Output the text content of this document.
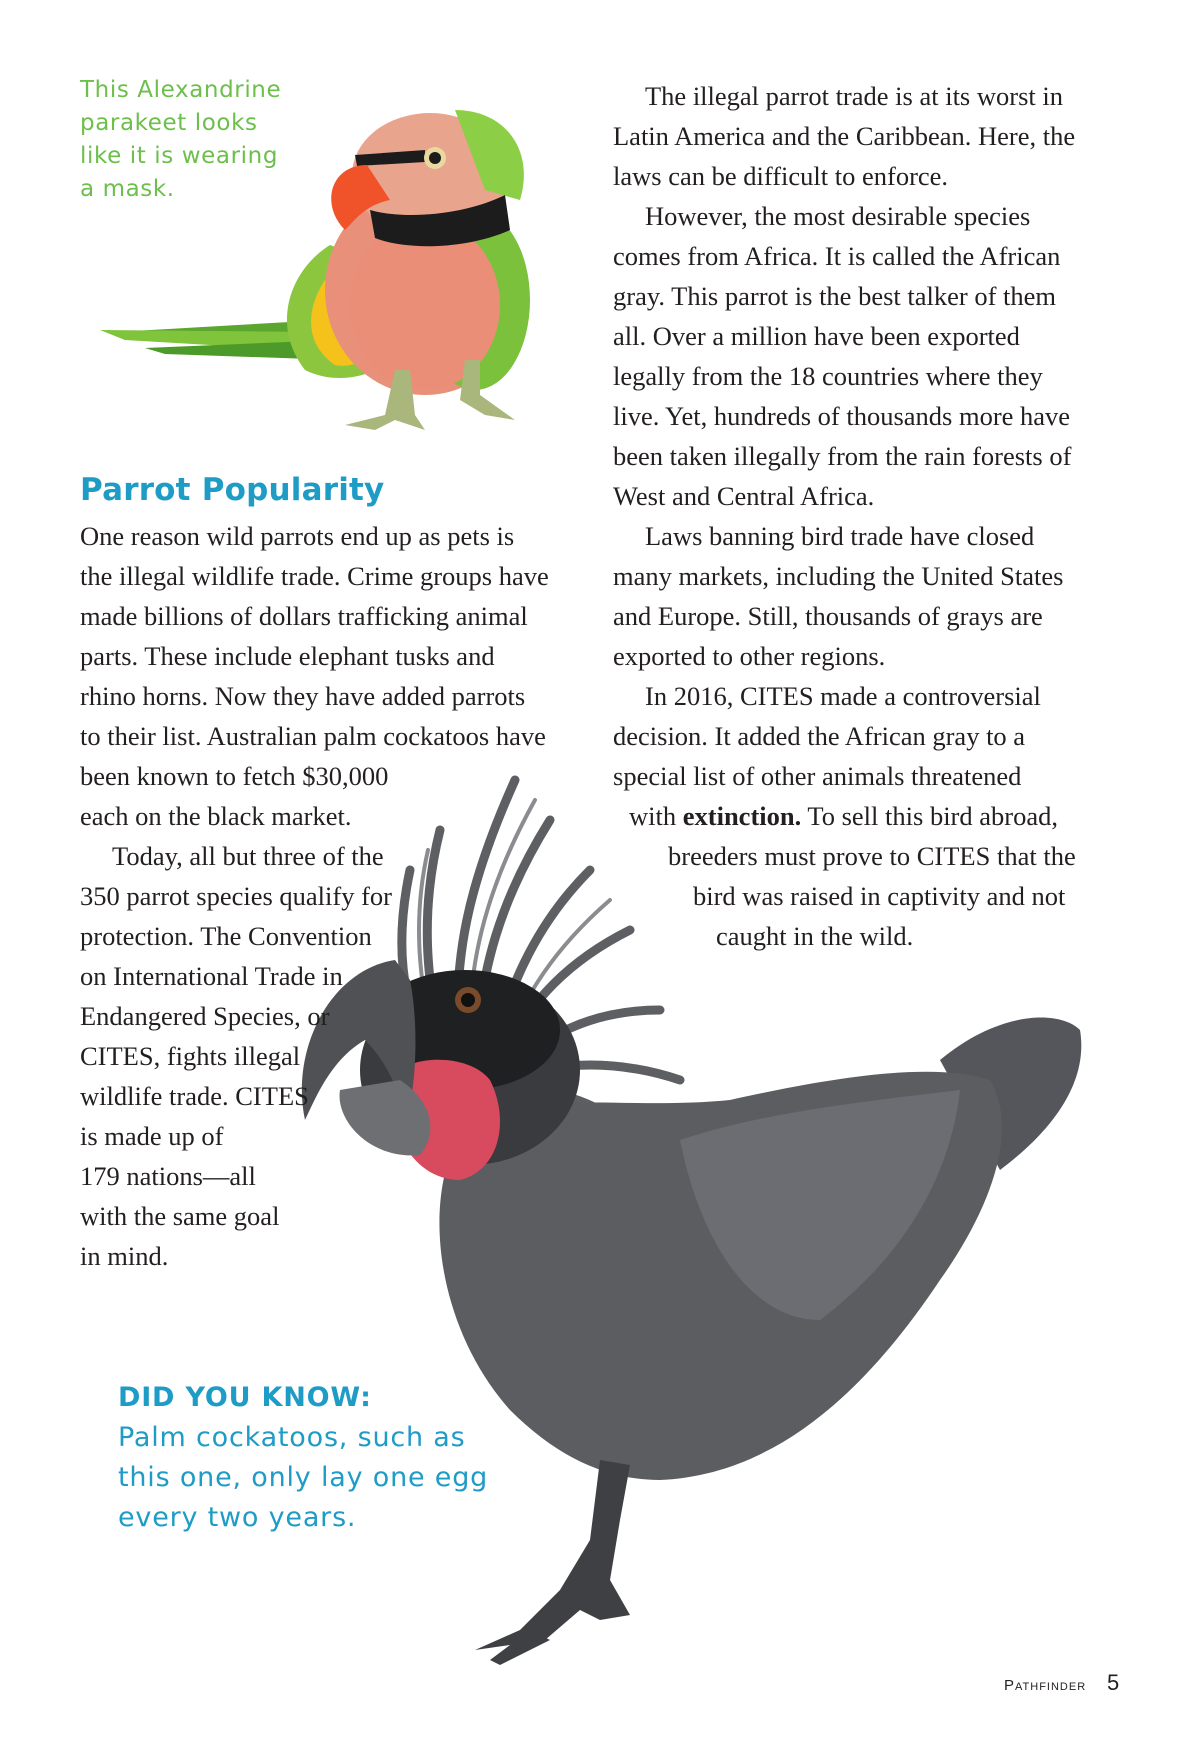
This Alexandrine
parakeet looks
like it is wearing
a mask.
Parrot Popularity

One reason wild parrots end up as pets is
the illegal wildlife trade. Crime groups have
made billions of dollars trafficking animal
parts. These include elephant tusks and
rhino horns. Now they have added parrots
to their list. Australian palm cockatoos have
been known to fetch $30,000
each on the black market.

Today, all but three of the
350 parrot species qualify for
protection. The Convention
on International Trade in
Endangered Species, or
CITES, fights illegal
wildlife trade. CITES
is made up of
179 nations—all
with the same goal
in mind.

The illegal parrot trade is at its worst in
Latin America and the Caribbean. Here, the
laws can be difficult to enforce.

However, the most desirable species
comes from Africa. It is called the African
gray. This parrot is the best talker of them
all. Over a million have been exported
legally from the 18 countries where they
live. Yet, hundreds of thousands more have
been taken illegally from the rain forests of
West and Central Africa.

Laws banning bird trade have closed
many markets, including the United States
and Europe. Still, thousands of grays are
exported to other regions.

In 2016, CITES made a controversial
decision. It added the African gray to a
special list of other animals threatened
with extinction. To sell this bird abroad,
breeders must prove to CITES that the
bird was raised in captivity and not
caught in the wild.

DID YOU KNOW:
Palm cockatoos, such as
this one, only lay one egg
every two years.
Pathfinder 5
